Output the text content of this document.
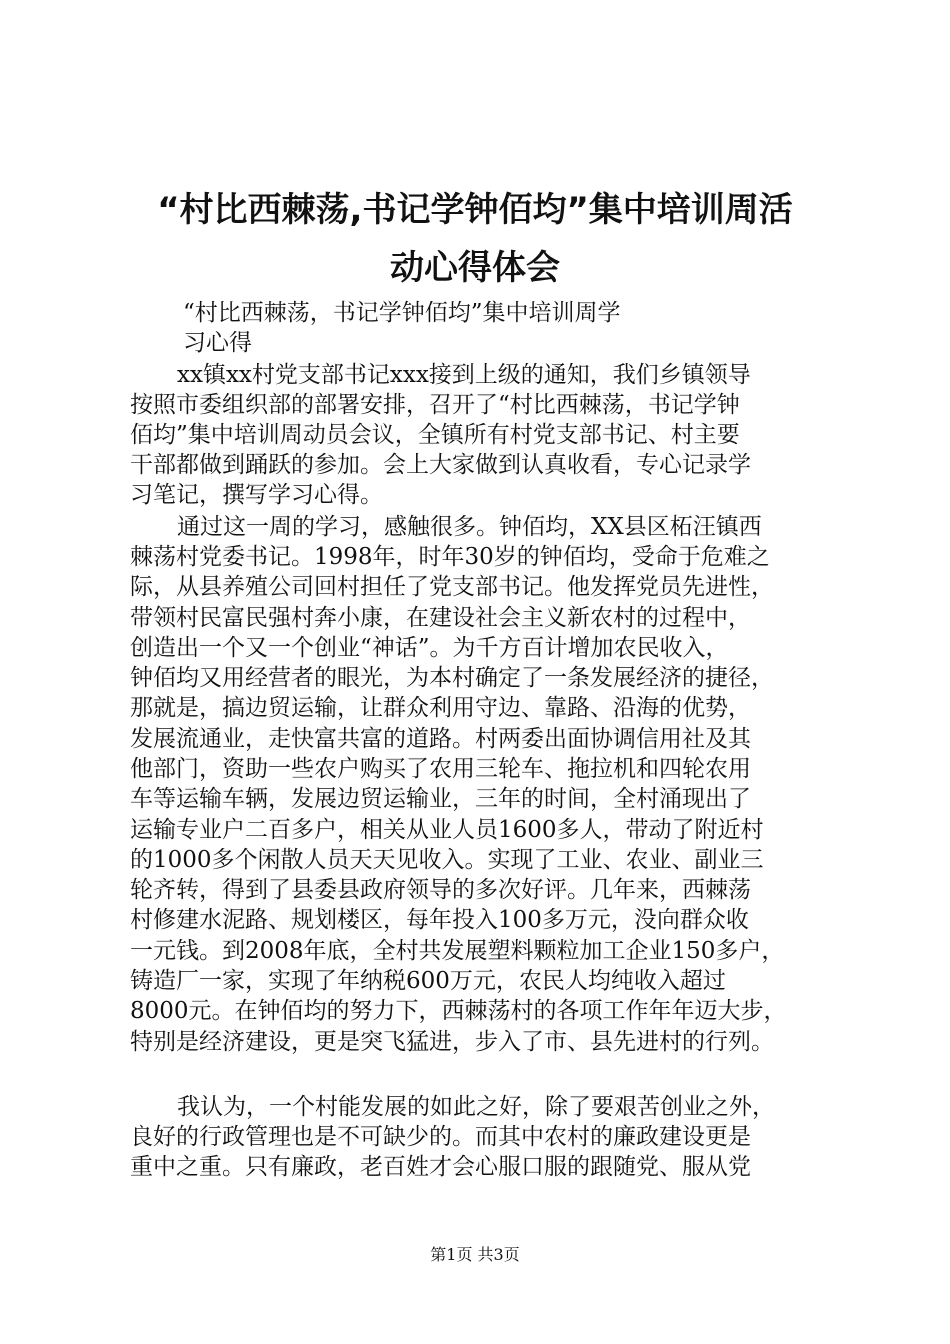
“村比西棘荡,书记学钟佰均”集中培训周活
动心得体会

“村比西棘荡，书记学钟佰均”集中培训周学

习心得

xx镇xx村党支部书记xxx接到上级的通知，我们乡镇领导

按照市委组织部的部署安排，召开了“村比西棘荡，书记学钟

佰均”集中培训周动员会议，全镇所有村党支部书记、村主要

干部都做到踊跃的参加。会上大家做到认真收看，专心记录学

习笔记，撰写学习心得。

通过这一周的学习，感触很多。钟佰均，XX县区柘汪镇西

棘荡村党委书记。1998年，时年30岁的钟佰均，受命于危难之

际，从县养殖公司回村担任了党支部书记。他发挥党员先进性，

带领村民富民强村奔小康，在建设社会主义新农村的过程中，

创造出一个又一个创业“神话”。为千方百计增加农民收入，

钟佰均又用经营者的眼光，为本村确定了一条发展经济的捷径，

那就是，搞边贸运输，让群众利用守边、靠路、沿海的优势，

发展流通业，走快富共富的道路。村两委出面协调信用社及其

他部门，资助一些农户购买了农用三轮车、拖拉机和四轮农用

车等运输车辆，发展边贸运输业，三年的时间，全村涌现出了

运输专业户二百多户，相关从业人员1600多人，带动了附近村

的1000多个闲散人员天天见收入。实现了工业、农业、副业三

轮齐转，得到了县委县政府领导的多次好评。几年来，西棘荡

村修建水泥路、规划楼区，每年投入100多万元，没向群众收

一元钱。到2008年底，全村共发展塑料颗粒加工企业150多户，

铸造厂一家，实现了年纳税600万元，农民人均纯收入超过

8000元。在钟佰均的努力下，西棘荡村的各项工作年年迈大步，

特别是经济建设，更是突飞猛进，步入了市、县先进村的行列。

我认为，一个村能发展的如此之好，除了要艰苦创业之外，

良好的行政管理也是不可缺少的。而其中农村的廉政建设更是

重中之重。只有廉政，老百姓才会心服口服的跟随党、服从党

第1页 共3页
